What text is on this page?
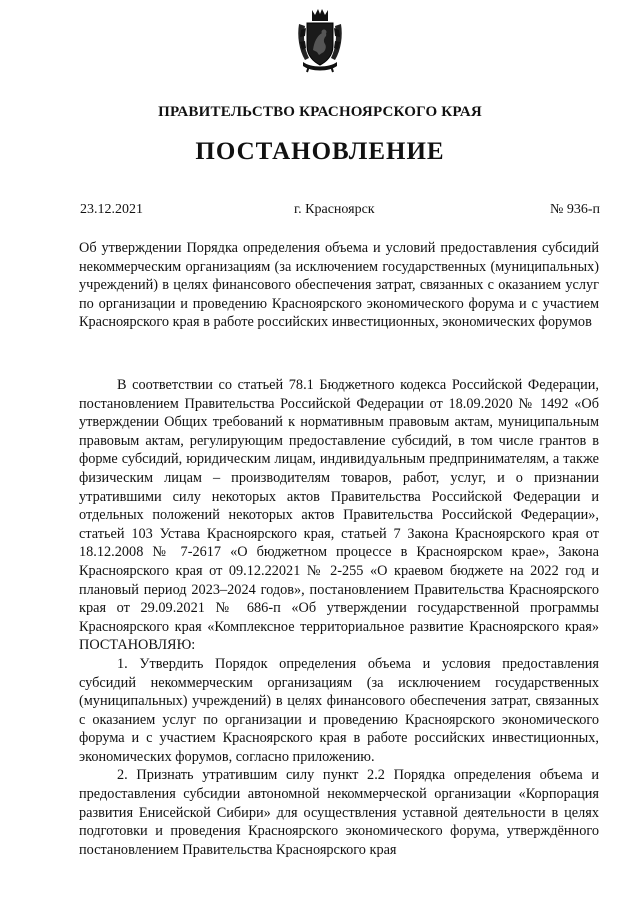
ПРАВИТЕЛЬСТВО КРАСНОЯРСКОГО КРАЯ
ПОСТАНОВЛЕНИЕ
23.12.2021	г. Красноярск	№ 936-п
Об утверждении Порядка определения объема и условий предоставления субсидий некоммерческим организациям (за исключением государственных (муниципальных) учреждений) в целях финансового обеспечения затрат, связанных с оказанием услуг по организации и проведению Красноярского экономического форума и с участием Красноярского края в работе российских инвестиционных, экономических форумов

В соответствии со статьей 78.1 Бюджетного кодекса Российской Федерации, постановлением Правительства Российской Федерации от 18.09.2020 № 1492 «Об утверждении Общих требований к нормативным правовым актам, муниципальным правовым актам, регулирующим предоставление субсидий, в том числе грантов в форме субсидий, юридическим лицам, индивидуальным предпринимателям, а также физическим лицам – производителям товаров, работ, услуг, и о признании утратившими силу некоторых актов Правительства Российской Федерации и отдельных положений некоторых актов Правительства Российской Федерации», статьей 103 Устава Красноярского края, статьей 7 Закона Красноярского края от 18.12.2008 № 7-2617 «О бюджетном процессе в Красноярском крае», Закона Красноярского края от 09.12.22021 № 2-255 «О краевом бюджете на 2022 год и плановый период 2023–2024 годов», постановлением Правительства Красноярского края от 29.09.2021 № 686-п «Об утверждении государственной программы Красноярского края «Комплексное территориальное развитие Красноярского края» ПОСТАНОВЛЯЮ:

1. Утвердить Порядок определения объема и условия предоставления субсидий некоммерческим организациям (за исключением государственных (муниципальных) учреждений) в целях финансового обеспечения затрат, связанных с оказанием услуг по организации и проведению Красноярского экономического форума и с участием Красноярского края в работе российских инвестиционных, экономических форумов, согласно приложению.

2. Признать утратившим силу пункт 2.2 Порядка определения объема и предоставления субсидии автономной некоммерческой организации «Корпорация развития Енисейской Сибири» для осуществления уставной деятельности в целях подготовки и проведения Красноярского экономического форума, утверждённого постановлением Правительства Красноярского края
